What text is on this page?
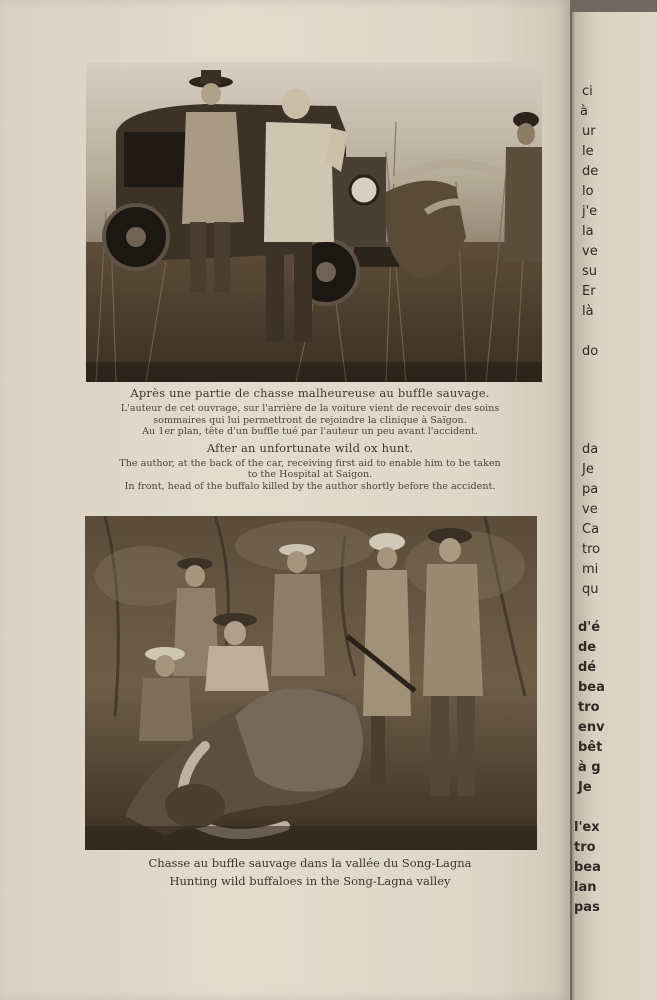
Après une partie de chasse malheureuse au buffle sauvage.
L'auteur de cet ouvrage, sur l'arrière de la voiture vient de recevoir des soins
sommaires qui lui permettront de rejoindre la clinique à Saïgon.
Au 1er plan, tête d'un buffle tué par l'auteur un peu avant l'accident.
After an unfortunate wild ox hunt.
The author, at the back of the car, receiving first aid to enable him to be taken
to the Hospital at Saigon.
In front, head of the buffalo killed by the author shortly before the accident.
Chasse au buffle sauvage dans la vallée du Song-Lagna
Hunting wild buffaloes in the Song-Lagna valley
ci
à
ur
le
de
lo
j'e
la
ve
su
Er
là
do
da
Je
pa
ve
Ca
tro
mi
qu
d'é
de
dé
bea
tro
env
bêt
à g
Je
l'ex
tro
bea
lan
pas
